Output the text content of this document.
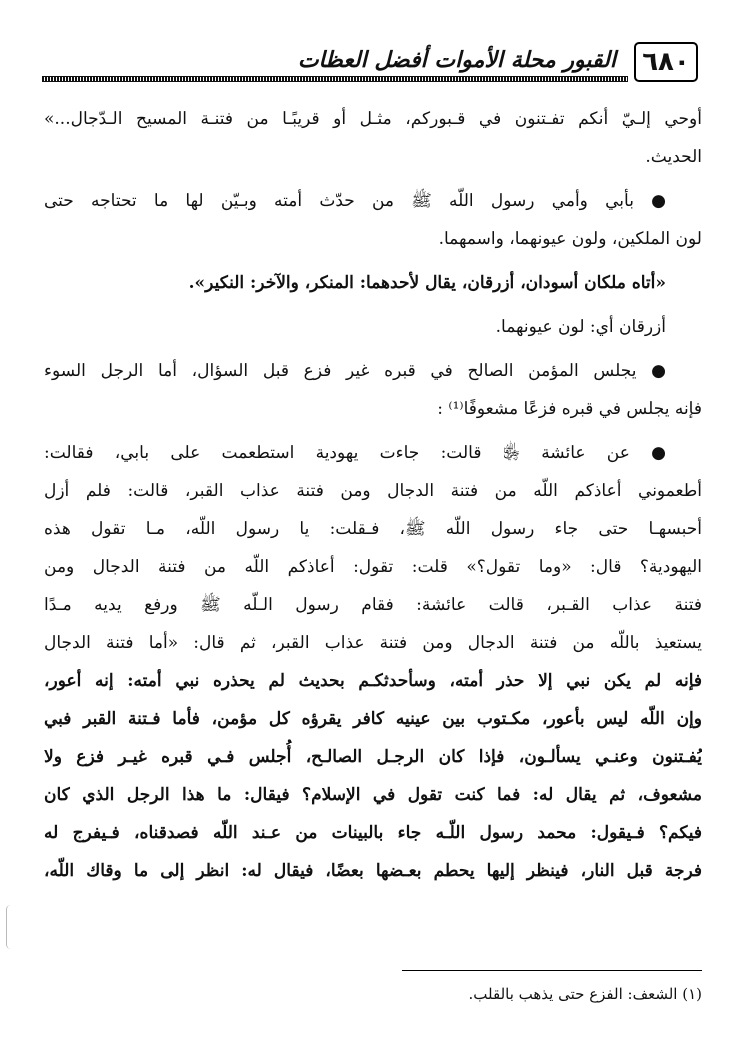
٦٨٠
القبور محلة الأموات أفضل العظات
أوحي إلـيّ أنكم تفـتنون في قـبوركم، مثـل أو قريبًـا من فتنـة المسيح الـدّجال...»
الحديث.
● بأبي وأمي رسول اللّه ﷺ من حدّث أمته وبـيّن لها ما تحتاجه حتى
لون الملكين، ولون عيونهما، واسمهما.
«أتاه ملكان أسودان، أزرقان، يقال لأحدهما: المنكر، والآخر: النكير».
أزرقان أي: لون عيونهما.
● يجلس المؤمن الصالح في قبره غير فزع قبل السؤال، أما الرجل السوء
فإنه يجلس في قبره فزعًا مشعوفًا⁽¹⁾ :
● عن عائشة ﵂ قالت: جاءت يهودية استطعمت على بابي، فقالت:
أطعموني أعاذكم اللّه من فتنة الدجال ومن فتنة عذاب القبر، قالت: فلم أزل
أحبسهـا حتى جاء رسول اللّه ﷺ، فـقلت: يا رسول اللّه، مـا تقول هذه
اليهودية؟ قال: «وما تقول؟» قلت: تقول: أعاذكم اللّه من فتنة الدجال ومن
فتنة عذاب القـبر، قالت عائشة: فقام رسول الـلّه ﷺ ورفع يديه مـدًا
يستعيذ باللّه من فتنة الدجال ومن فتنة عذاب القبر، ثم قال: «أما فتنة الدجال
فإنه لم يكن نبي إلا حذر أمته، وسأحدثكـم بحديث لم يحذره نبي أمته: إنه أعور،
وإن اللّه ليس بأعور، مكـتوب بين عينيه كافر يقرؤه كل مؤمن، فأما فـتنة القبر فبي
يُفـتنون وعنـي يسألـون، فإذا كان الرجـل الصالـح، أُجلس فـي قبره غيـر فزع ولا
مشعوف، ثم يقال له: فما كنت تقول في الإسلام؟ فيقال: ما هذا الرجل الذي كان
فيكم؟ فـيقول: محمد رسول اللّـه جاء بالبينات من عـند اللّه فصدقناه، فـيفرج له
فرجة قبل النار، فينظر إليها يحطم بعـضها بعضًا، فيقال له: انظر إلى ما وقاك اللّه،
(١) الشعف: الفزع حتى يذهب بالقلب.
